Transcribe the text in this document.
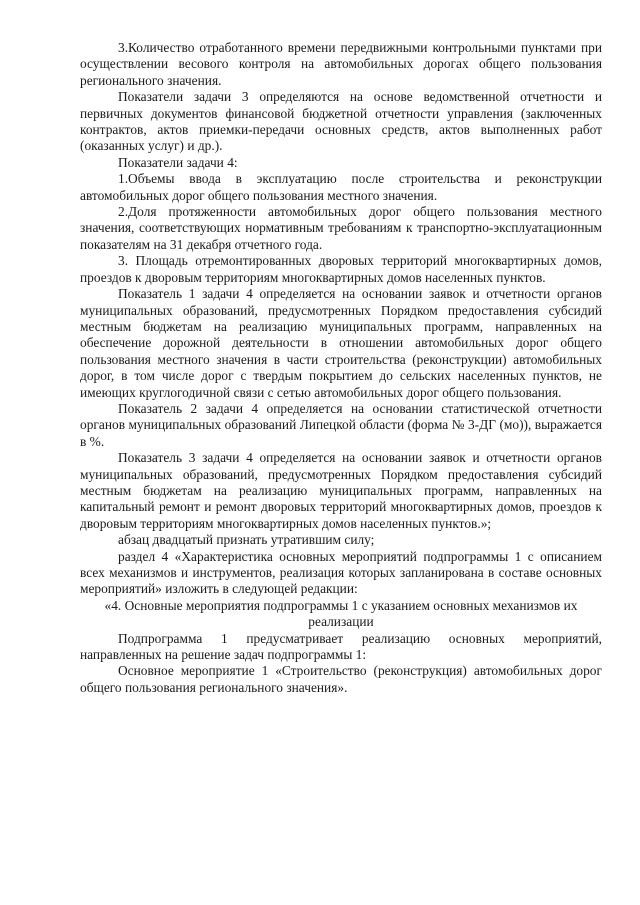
3.Количество отработанного времени передвижными контрольными пунктами при осуществлении весового контроля на автомобильных дорогах общего пользования регионального значения.

Показатели задачи 3 определяются на основе ведомственной отчетности и первичных документов финансовой бюджетной отчетности управления (заключенных контрактов, актов приемки-передачи основных средств, актов выполненных работ (оказанных услуг) и др.).

Показатели задачи 4:

1.Объемы ввода в эксплуатацию после строительства и реконструкции автомобильных дорог общего пользования местного значения.

2.Доля протяженности автомобильных дорог общего пользования местного значения, соответствующих нормативным требованиям к транспортно-эксплуатационным показателям на 31 декабря отчетного года.

3. Площадь отремонтированных дворовых территорий многоквартирных домов, проездов к дворовым территориям многоквартирных домов населенных пунктов.

Показатель 1 задачи 4 определяется на основании заявок и отчетности органов муниципальных образований, предусмотренных Порядком предоставления субсидий местным бюджетам на реализацию муниципальных программ, направленных на обеспечение дорожной деятельности в отношении автомобильных дорог общего пользования местного значения в части строительства (реконструкции) автомобильных дорог, в том числе дорог с твердым покрытием до сельских населенных пунктов, не имеющих круглогодичной связи с сетью автомобильных дорог общего пользования.

Показатель 2 задачи 4 определяется на основании статистической отчетности органов муниципальных образований Липецкой области (форма № 3-ДГ (мо)), выражается в %.

Показатель 3 задачи 4 определяется на основании заявок и отчетности органов муниципальных образований, предусмотренных Порядком предоставления субсидий местным бюджетам на реализацию муниципальных программ, направленных на капитальный ремонт и ремонт дворовых территорий многоквартирных домов, проездов к дворовым территориям многоквартирных домов населенных пунктов.»;

абзац двадцатый признать утратившим силу;

раздел 4 «Характеристика основных мероприятий подпрограммы 1 с описанием всех механизмов и инструментов, реализация которых запланирована в составе основных мероприятий» изложить в следующей редакции:

«4. Основные мероприятия подпрограммы 1 с указанием основных механизмов их реализации

Подпрограмма 1 предусматривает реализацию основных мероприятий, направленных на решение задач подпрограммы 1:

Основное мероприятие 1 «Строительство (реконструкция) автомобильных дорог общего пользования регионального значения».
